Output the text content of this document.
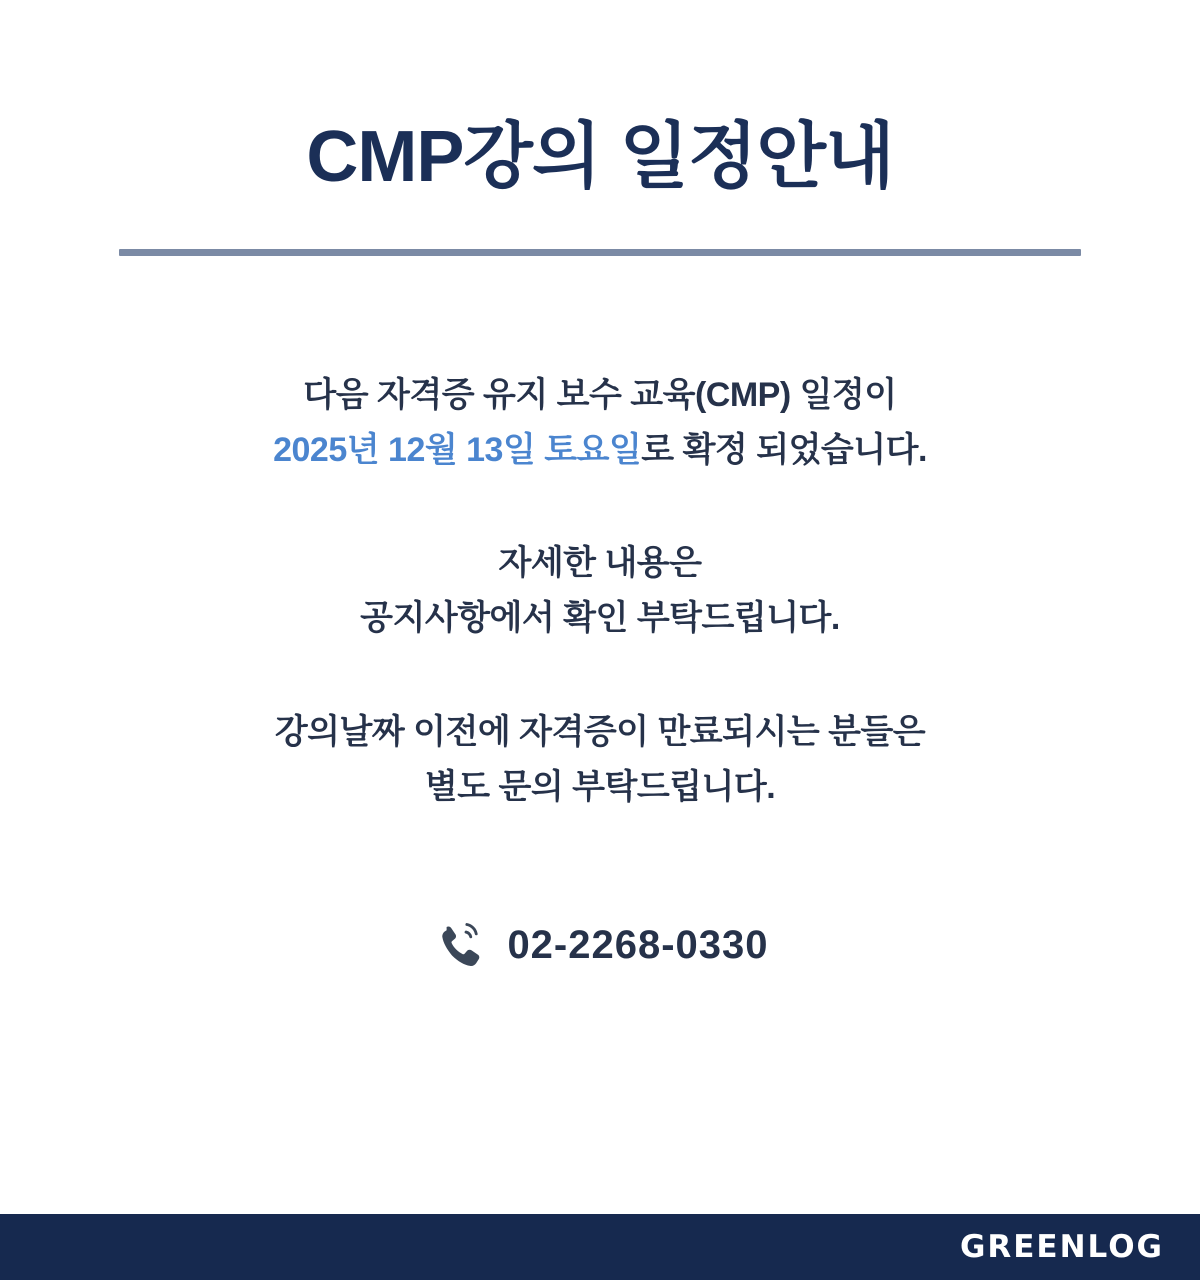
CMP강의 일정안내

다음 자격증 유지 보수 교육(CMP) 일정이
2025년 12월 13일 토요일로 확정 되었습니다.

자세한 내용은
공지사항에서 확인 부탁드립니다.

강의날짜 이전에 자격증이 만료되시는 분들은
별도 문의 부탁드립니다.

02-2268-0330
GREENLOG
